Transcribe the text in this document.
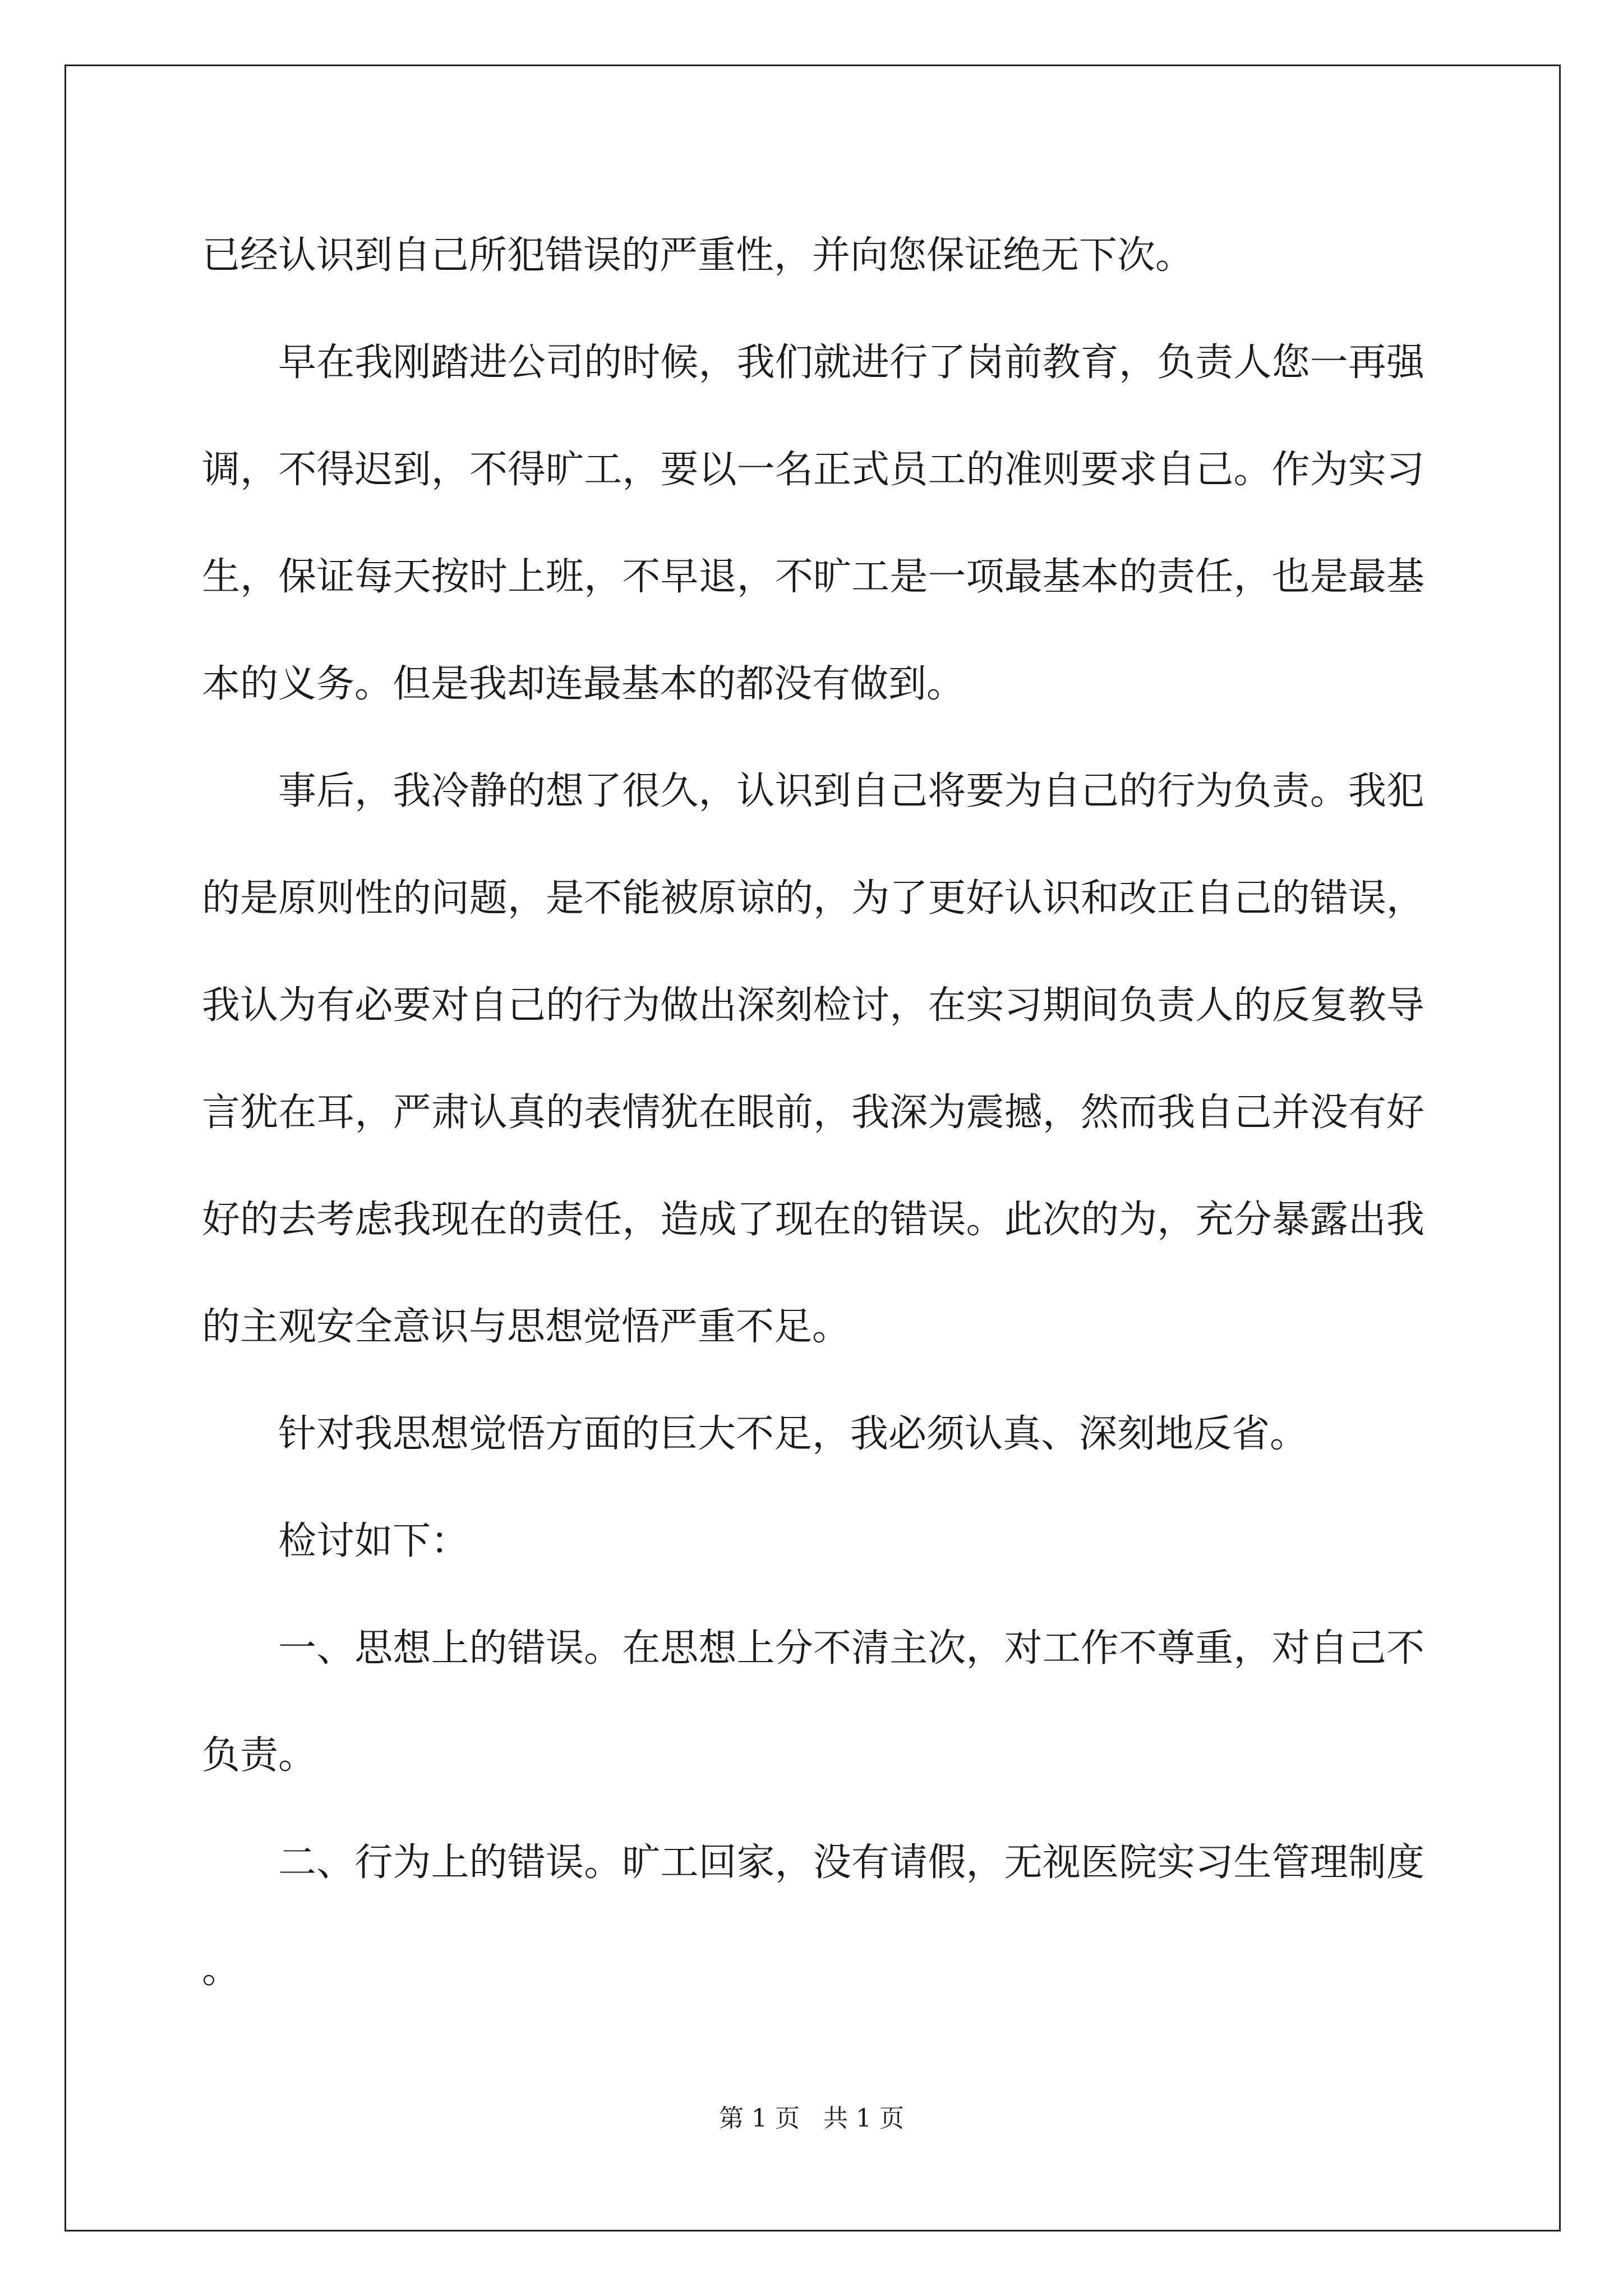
已经认识到自己所犯错误的严重性，并向您保证绝无下次。

早在我刚踏进公司的时候，我们就进行了岗前教育，负责人您一再强调，不得迟到，不得旷工，要以一名正式员工的准则要求自己。作为实习生，保证每天按时上班，不早退，不旷工是一项最基本的责任，也是最基本的义务。但是我却连最基本的都没有做到。

事后，我冷静的想了很久，认识到自己将要为自己的行为负责。我犯的是原则性的问题，是不能被原谅的，为了更好认识和改正自己的错误，我认为有必要对自己的行为做出深刻检讨，在实习期间负责人的反复教导言犹在耳，严肃认真的表情犹在眼前，我深为震撼，然而我自己并没有好好的去考虑我现在的责任，造成了现在的错误。此次的为，充分暴露出我的主观安全意识与思想觉悟严重不足。

针对我思想觉悟方面的巨大不足，我必须认真、深刻地反省。

检讨如下：

一、思想上的错误。在思想上分不清主次，对工作不尊重，对自己不负责。

二、行为上的错误。旷工回家，没有请假，无视医院实习生管理制度。

第 1 页   共 1 页
